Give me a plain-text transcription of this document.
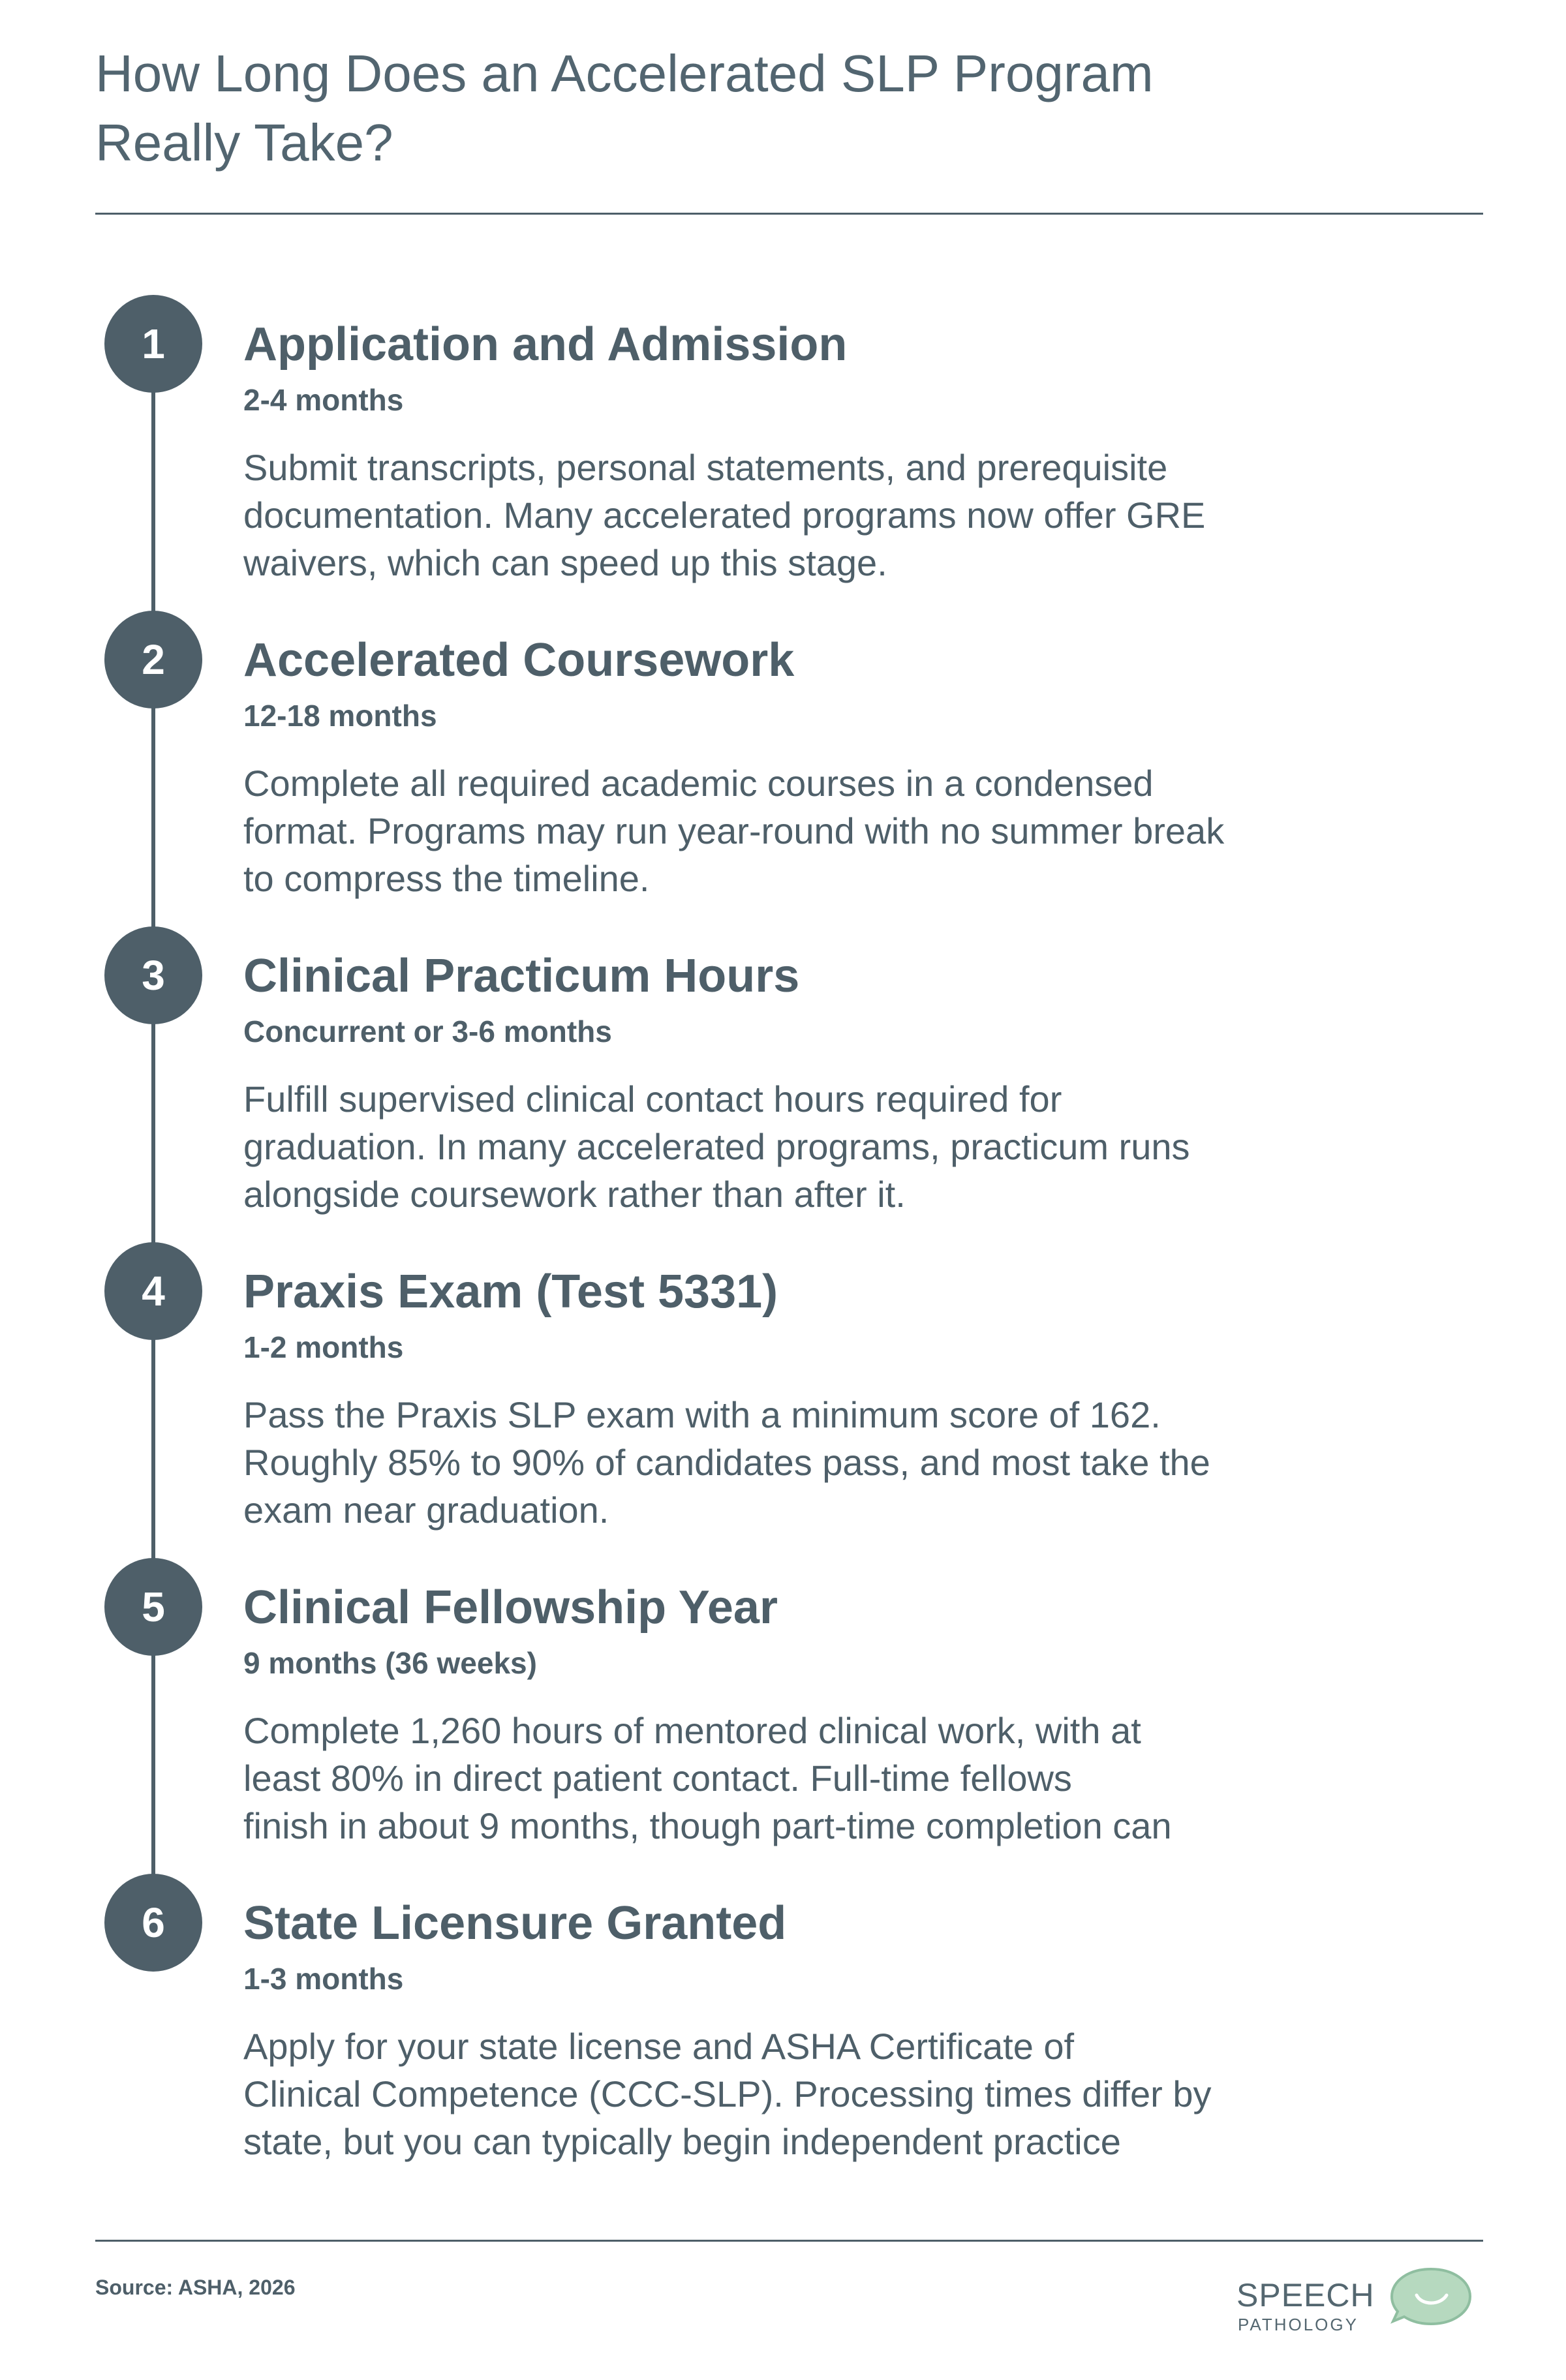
How Long Does an Accelerated SLP Program
Really Take?
1	Application and Admission
2-4 months

Submit transcripts, personal statements, and prerequisite
documentation. Many accelerated programs now offer GRE
waivers, which can speed up this stage.

2	Accelerated Coursework
12-18 months

Complete all required academic courses in a condensed
format. Programs may run year-round with no summer break
to compress the timeline.

3	Clinical Practicum Hours
Concurrent or 3-6 months

Fulfill supervised clinical contact hours required for
graduation. In many accelerated programs, practicum runs
alongside coursework rather than after it.

4	Praxis Exam (Test 5331)
1-2 months

Pass the Praxis SLP exam with a minimum score of 162.
Roughly 85% to 90% of candidates pass, and most take the
exam near graduation.

5	Clinical Fellowship Year
9 months (36 weeks)

Complete 1,260 hours of mentored clinical work, with at
least 80% in direct patient contact. Full-time fellows
finish in about 9 months, though part-time completion can

6	State Licensure Granted
1-3 months

Apply for your state license and ASHA Certificate of
Clinical Competence (CCC-SLP). Processing times differ by
state, but you can typically begin independent practice

Source: ASHA, 2026	SPEECH
PATHOLOGY
